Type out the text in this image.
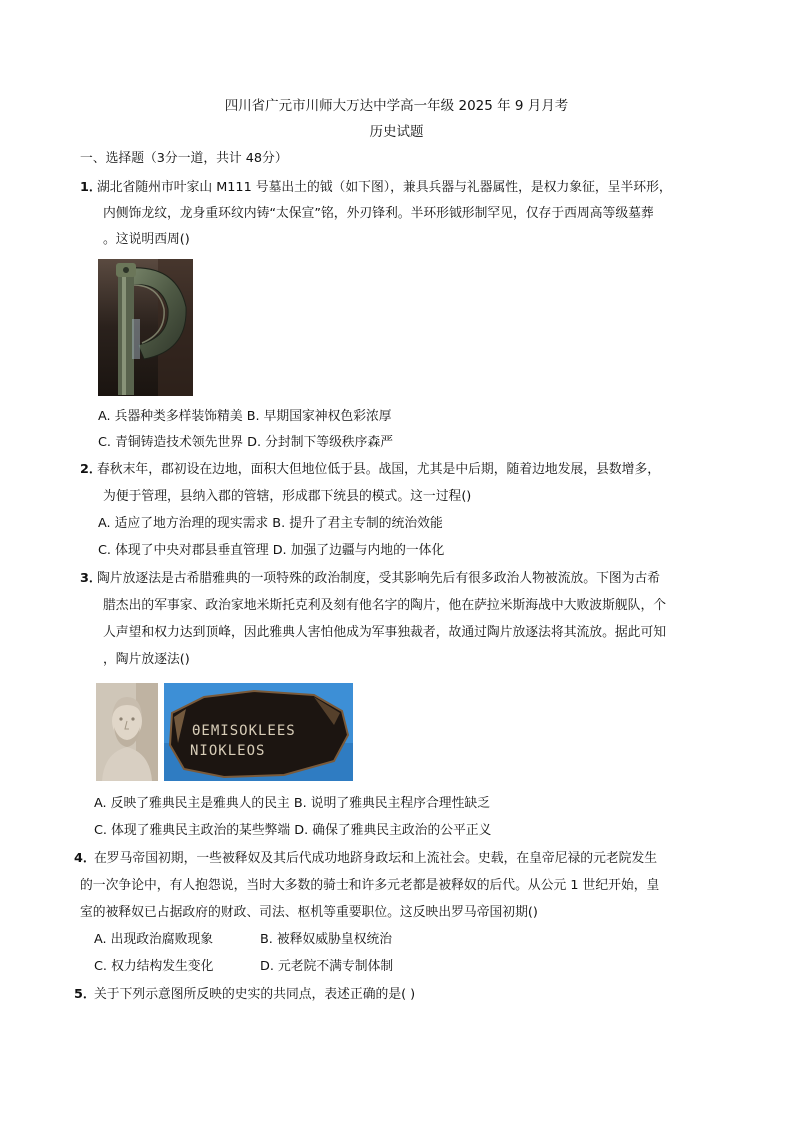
四川省广元市川师大万达中学高一年级 2025 年 9 月月考
历史试题
一、选择题（3分一道，共计 48分）
1．
湖北省随州市叶家山 M111 号墓出土的钺（如下图），兼具兵器与礼器属性，是权力象征，呈半环形，
内侧饰龙纹，龙身重环纹内铸“太保宣”铭，外刃锋利。半环形钺形制罕见，仅存于西周高等级墓葬
。这说明西周()
A. 兵器种类多样装饰精美 B. 早期国家神权色彩浓厚
C. 青铜铸造技术领先世界 D. 分封制下等级秩序森严
2．
春秋末年，郡初设在边地，面积大但地位低于县。战国，尤其是中后期，随着边地发展，县数增多，
为便于管理，县纳入郡的管辖，形成郡下统县的模式。这一过程()
A. 适应了地方治理的现实需求 B. 提升了君主专制的统治效能
C. 体现了中央对郡县垂直管理 D. 加强了边疆与内地的一体化
3．
陶片放逐法是古希腊雅典的一项特殊的政治制度，受其影响先后有很多政治人物被流放。下图为古希
腊杰出的军事家、政治家地米斯托克利及刻有他名字的陶片，他在萨拉米斯海战中大败波斯舰队，个
人声望和权力达到顶峰，因此雅典人害怕他成为军事独裁者，故通过陶片放逐法将其流放。据此可知
，陶片放逐法()
ΘEMISOKLEES
NIOKLEOS
A. 反映了雅典民主是雅典人的民主 B. 说明了雅典民主程序合理性缺乏
C. 体现了雅典民主政治的某些弊端 D. 确保了雅典民主政治的公平正义
4．
在罗马帝国初期，一些被释奴及其后代成功地跻身政坛和上流社会。史载，在皇帝尼禄的元老院发生
的一次争论中，有人抱怨说，当时大多数的骑士和许多元老都是被释奴的后代。从公元 1 世纪开始，皇
室的被释奴已占据政府的财政、司法、枢机等重要职位。这反映出罗马帝国初期()
A. 出现政治腐败现象	B. 被释奴威胁皇权统治
C. 权力结构发生变化	D. 元老院不满专制体制
5．
关于下列示意图所反映的史实的共同点，表述正确的是( )
